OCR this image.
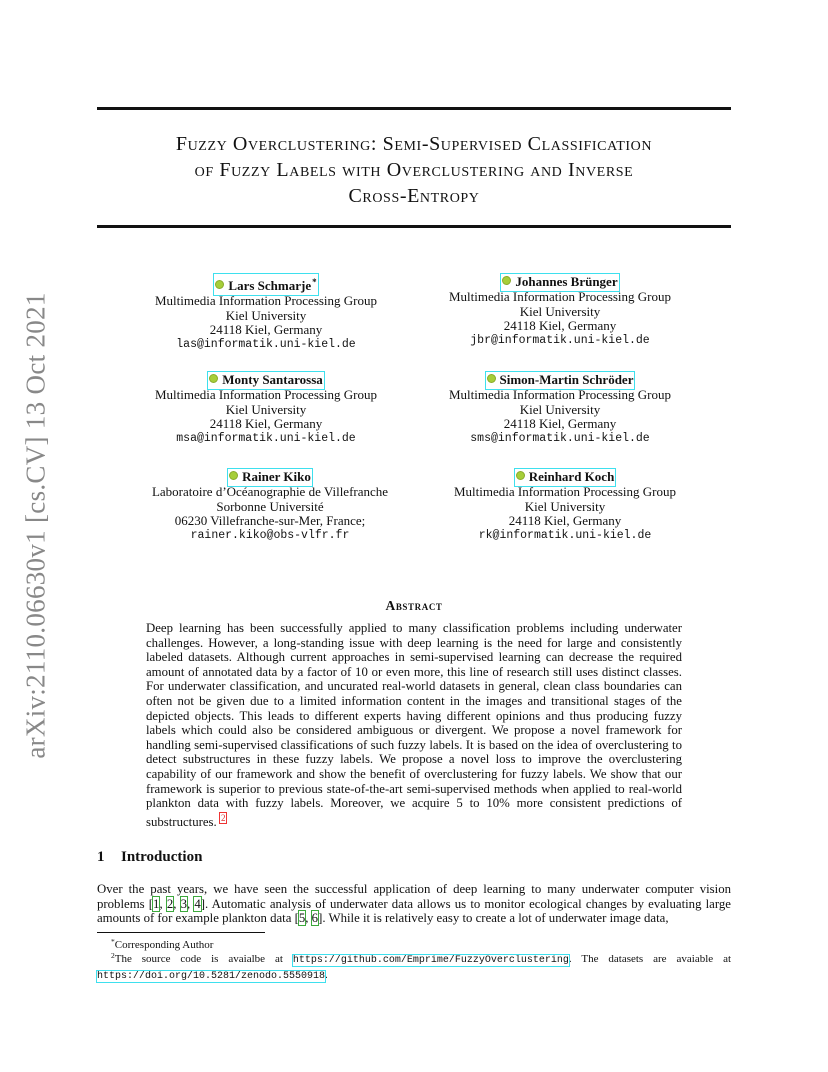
arXiv:2110.06630v1 [cs.CV] 13 Oct 2021
Fuzzy Overclustering: Semi-Supervised Classification
of Fuzzy Labels with Overclustering and Inverse
Cross-Entropy
Lars Schmarje*
Multimedia Information Processing Group
Kiel University
24118 Kiel, Germany
las@informatik.uni-kiel.de
Johannes Brünger
Multimedia Information Processing Group
Kiel University
24118 Kiel, Germany
jbr@informatik.uni-kiel.de
Monty Santarossa
Multimedia Information Processing Group
Kiel University
24118 Kiel, Germany
msa@informatik.uni-kiel.de
Simon-Martin Schröder
Multimedia Information Processing Group
Kiel University
24118 Kiel, Germany
sms@informatik.uni-kiel.de
Rainer Kiko
Laboratoire d’Océanographie de Villefranche
Sorbonne Université
06230 Villefranche-sur-Mer, France;
rainer.kiko@obs-vlfr.fr
Reinhard Koch
Multimedia Information Processing Group
Kiel University
24118 Kiel, Germany
rk@informatik.uni-kiel.de
Abstract
Deep learning has been successfully applied to many classification problems including underwater challenges. However, a long-standing issue with deep learning is the need for large and consistently labeled datasets. Although current approaches in semi-supervised learning can decrease the required amount of annotated data by a factor of 10 or even more, this line of research still uses distinct classes. For underwater classification, and uncurated real-world datasets in general, clean class boundaries can often not be given due to a limited information content in the images and transitional stages of the depicted objects. This leads to different experts having different opinions and thus producing fuzzy labels which could also be considered ambiguous or divergent. We propose a novel framework for handling semi-supervised classifications of such fuzzy labels. It is based on the idea of overclustering to detect substructures in these fuzzy labels. We propose a novel loss to improve the overclustering capability of our framework and show the benefit of overclustering for fuzzy labels. We show that our framework is superior to previous state-of-the-art semi-supervised methods when applied to real-world plankton data with fuzzy labels. Moreover, we acquire 5 to 10% more consistent predictions of substructures. $^2$
1 Introduction
Over the past years, we have seen the successful application of deep learning to many underwater computer vision problems [1, 2, 3, 4]. Automatic analysis of underwater data allows us to monitor ecological changes by evaluating large amounts of for example plankton data [5, 6]. While it is relatively easy to create a lot of underwater image data,
*Corresponding Author
$^2$The source code is avaialbe at https://github.com/Emprime/FuzzyOverclustering. The datasets are avaiable at https://doi.org/10.5281/zenodo.5550918.
